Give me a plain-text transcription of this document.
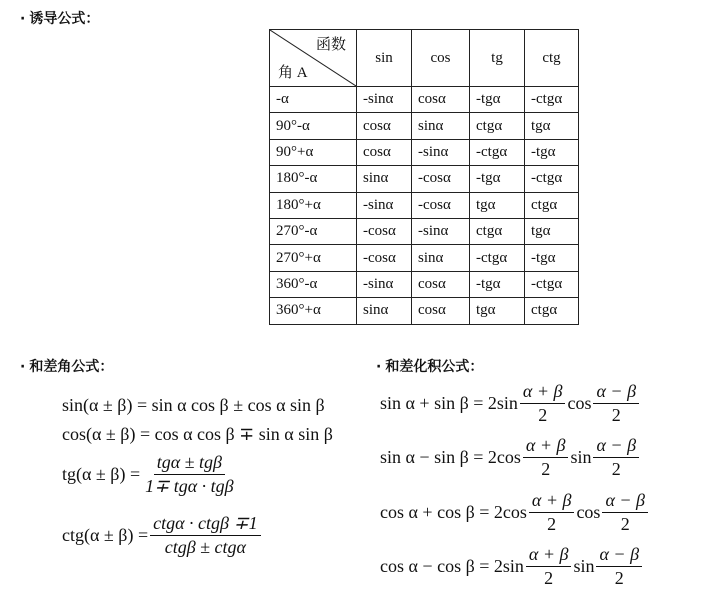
· 诱导公式：
函数
角 A	sin	cos	tg	ctg
-α	-sinα	cosα	-tgα	-ctgα
90°-α	cosα	sinα	ctgα	tgα
90°+α	cosα	-sinα	-ctgα	-tgα
180°-α	sinα	-cosα	-tgα	-ctgα
180°+α	-sinα	-cosα	tgα	ctgα
270°-α	-cosα	-sinα	ctgα	tgα
270°+α	-cosα	sinα	-ctgα	-tgα
360°-α	-sinα	cosα	-tgα	-ctgα
360°+α	sinα	cosα	tgα	ctgα
· 和差角公式：	· 和差化积公式：
sin(α ± β) = sin α cos β ± cos α sin β
cos(α ± β) = cos α cos β ∓ sin α sin β
$tg(\alpha \pm \beta) = \frac{\text{tgα ± tgβ}}{\text{1∓ tgα · tgβ}}$
$ctg(\alpha \pm \beta) = \frac{\text{ctgα · ctgβ ∓1}}{\text{ctgβ ± ctgα}}$
$\sin \alpha + \sin \beta = 2\sin \frac{\alpha + \beta}{2}$ $\cos \frac{\alpha - \beta}{2}$
$\sin \alpha - \sin \beta = 2\cos \frac{\alpha + \beta}{2}$ $\sin \frac{\alpha - \beta}{2}$
$\cos \alpha + \cos \beta = 2\cos \frac{\alpha + \beta}{2}$ $\cos \frac{\alpha - \beta}{2}$
$\cos \alpha - \cos \beta = 2\sin \frac{\alpha + \beta}{2}$ $\sin \frac{\alpha - \beta}{2}$
